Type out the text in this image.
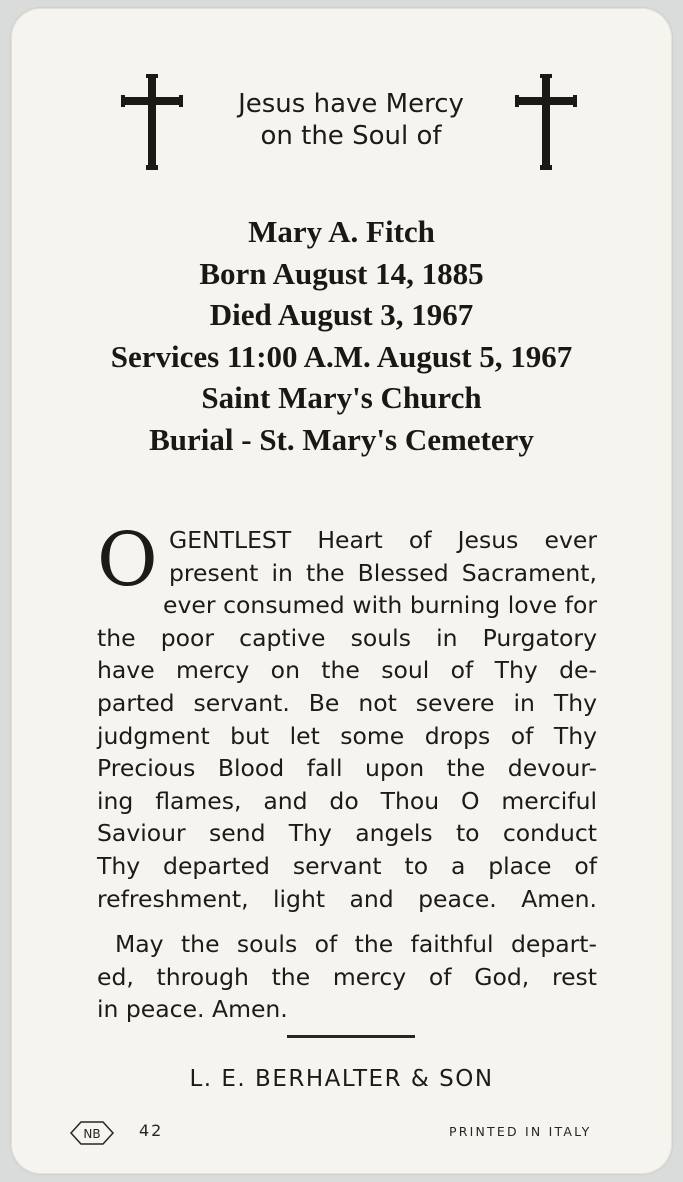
Jesus have Mercy
on the Soul of
Mary A. Fitch
Born August 14, 1885
Died August 3, 1967
Services 11:00 A.M. August 5, 1967
Saint Mary's Church
Burial - St. Mary's Cemetery
O GENTLEST Heart of Jesus ever
present in the Blessed Sacrament,
ever consumed with burning love for
the poor captive souls in Purgatory
have mercy on the soul of Thy de-
parted servant. Be not severe in Thy
judgment but let some drops of Thy
Precious Blood fall upon the devour-
ing flames, and do Thou O merciful
Saviour send Thy angels to conduct
Thy departed servant to a place of
refreshment, light and peace. Amen.
May the souls of the faithful depart-
ed, through the mercy of God, rest
in peace. Amen.
L. E. BERHALTER & SON
NB 42	PRINTED IN ITALY
